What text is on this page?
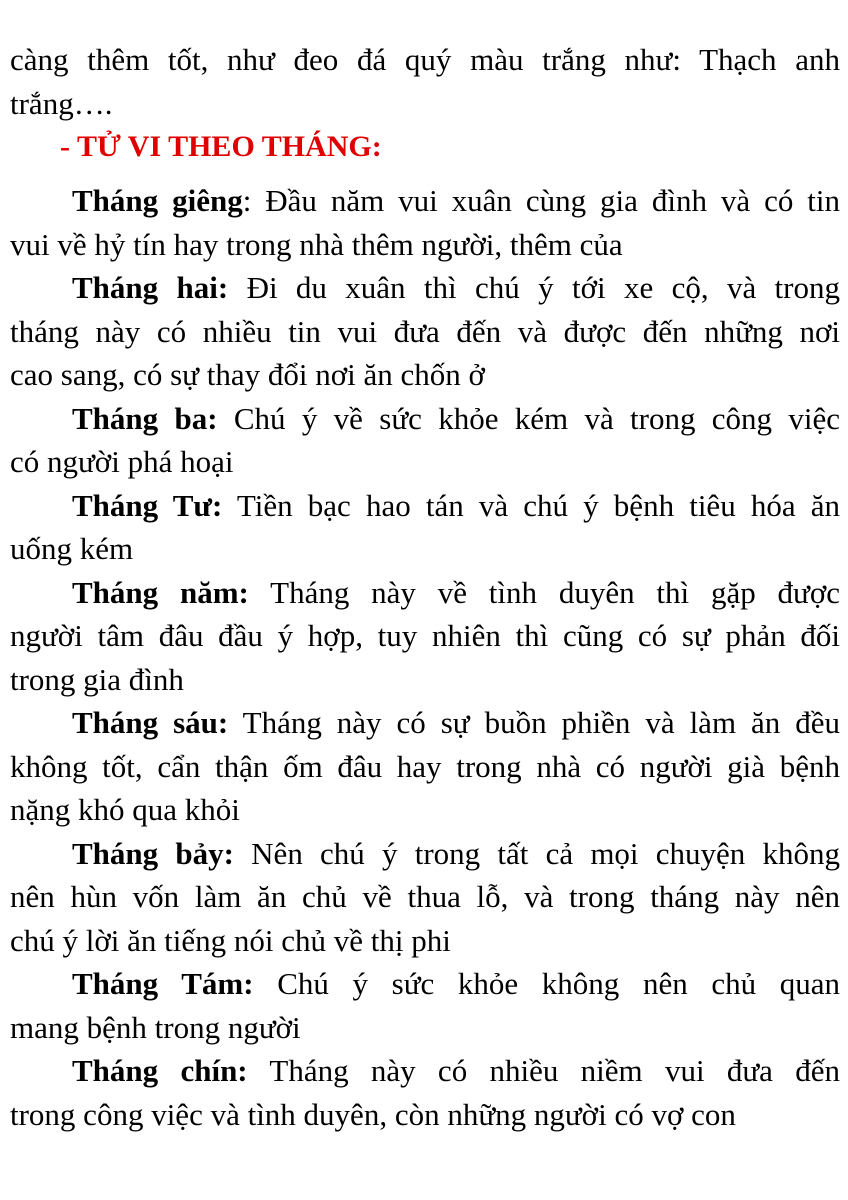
càng thêm tốt, như đeo đá quý màu trắng như: Thạch anh

trắng….

- TỬ VI THEO THÁNG:

Tháng giêng: Đầu năm vui xuân cùng gia đình và có tin

vui về hỷ tín hay trong nhà thêm người, thêm của

Tháng hai: Đi du xuân thì chú ý tới xe cộ, và trong

tháng này có nhiều tin vui đưa đến và được đến những nơi

cao sang, có sự thay đổi nơi ăn chốn ở

Tháng ba: Chú ý về sức khỏe kém và trong công việc

có người phá hoại

Tháng Tư: Tiền bạc hao tán và chú ý bệnh tiêu hóa ăn

uống kém

Tháng năm: Tháng này về tình duyên thì gặp được

người tâm đâu đầu ý hợp, tuy nhiên thì cũng có sự phản đối

trong gia đình

Tháng sáu: Tháng này có sự buồn phiền và làm ăn đều

không tốt, cẩn thận ốm đâu hay trong nhà có người già bệnh

nặng khó qua khỏi

Tháng bảy: Nên chú ý trong tất cả mọi chuyện không

nên hùn vốn làm ăn chủ về thua lỗ, và trong tháng này nên

chú ý lời ăn tiếng nói chủ về thị phi

Tháng Tám: Chú ý sức khỏe không nên chủ quan

mang bệnh trong người

Tháng chín: Tháng này có nhiều niềm vui đưa đến

trong công việc và tình duyên, còn những người có vợ con
